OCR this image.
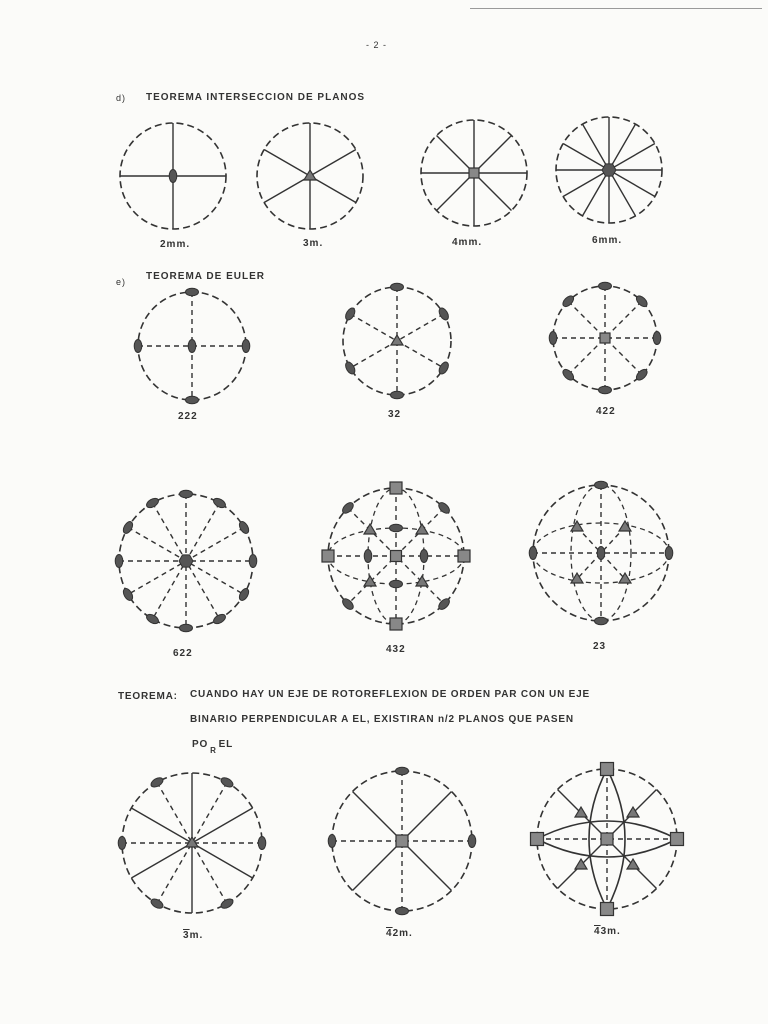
- 2 -
d) TEOREMA INTERSECCION DE PLANOS
2mm.	3m.	4mm.	6mm.
e) TEOREMA DE EULER
222	32	422
622	432	23
TEOREMA: CUANDO HAY UN EJE DE ROTOREFLEXION DE ORDEN PAR CON UN EJE
BINARIO PERPENDICULAR A EL, EXISTIRAN n/2 PLANOS QUE PASEN
$PO_REL$
3m.	42m.	43m.
